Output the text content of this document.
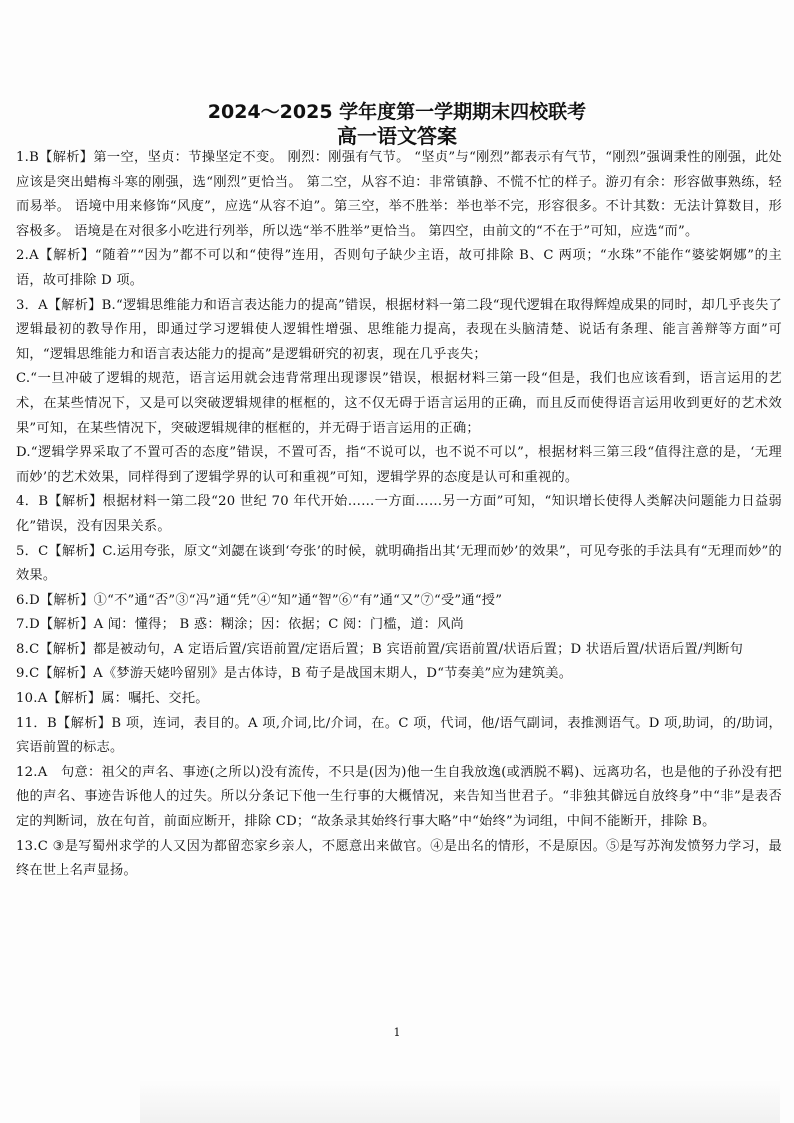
2024～2025 学年度第一学期期末四校联考
高一语文答案

1.B【解析】第一空，坚贞：节操坚定不变。 刚烈：刚强有气节。 “坚贞”与“刚烈”都表示有气节，“刚烈”强调秉性的刚强，此处应该是突出蜡梅斗寒的刚强，选“刚烈”更恰当。 第二空，从容不迫：非常镇静、不慌不忙的样子。游刃有余：形容做事熟练，轻而易举。 语境中用来修饰“风度”，应选“从容不迫”。第三空，举不胜举：举也举不完，形容很多。不计其数：无法计算数目，形容极多。 语境是在对很多小吃进行列举，所以选“举不胜举”更恰当。 第四空，由前文的“不在于”可知，应选“而”。

2.A【解析】“随着”“因为”都不可以和“使得”连用，否则句子缺少主语，故可排除 B、C 两项；“水珠”不能作“婆娑婀娜”的主语，故可排除 D 项。

3．A【解析】B.“逻辑思维能力和语言表达能力的提高”错误，根据材料一第二段“现代逻辑在取得辉煌成果的同时，却几乎丧失了逻辑最初的教导作用，即通过学习逻辑使人逻辑性增强、思维能力提高，表现在头脑清楚、说话有条理、能言善辩等方面”可知，“逻辑思维能力和语言表达能力的提高”是逻辑研究的初衷，现在几乎丧失；

C.“一旦冲破了逻辑的规范，语言运用就会违背常理出现谬误”错误，根据材料三第一段“但是，我们也应该看到，语言运用的艺术，在某些情况下，又是可以突破逻辑规律的框框的，这不仅无碍于语言运用的正确，而且反而使得语言运用收到更好的艺术效果”可知，在某些情况下，突破逻辑规律的框框的，并无碍于语言运用的正确；

D.“逻辑学界采取了不置可否的态度”错误，不置可否，指“不说可以，也不说不可以”，根据材料三第三段“值得注意的是，‘无理而妙’的艺术效果，同样得到了逻辑学界的认可和重视”可知，逻辑学界的态度是认可和重视的。

4．B【解析】根据材料一第二段“20 世纪 70 年代开始……一方面……另一方面”可知，“知识增长使得人类解决问题能力日益弱化”错误，没有因果关系。

5．C【解析】C.运用夸张，原文“刘勰在谈到‘夸张’的时候，就明确指出其‘无理而妙’的效果”，可见夸张的手法具有“无理而妙”的效果。

6.D【解析】①“不”通“否”③“冯”通“凭”④“知”通“智”⑥“有”通“又”⑦“受”通“授”

7.D【解析】A 闻：懂得； B 惑：糊涂；因：依据；C 阅：门槛，道：风尚

8.C【解析】都是被动句，A 定语后置/宾语前置/定语后置；B 宾语前置/宾语前置/状语后置；D 状语后置/状语后置/判断句

9.C【解析】A《梦游天姥吟留别》是古体诗，B 荀子是战国末期人，D“节奏美”应为建筑美。

10.A【解析】属：嘱托、交托。

11．B【解析】B 项，连词，表目的。A 项,介词,比/介词，在。C 项，代词，他/语气副词，表推测语气。D 项,助词，的/助词，宾语前置的标志。

12.A　句意：祖父的声名、事迹(之所以)没有流传，不只是(因为)他一生自我放逸(或洒脱不羁)、远离功名，也是他的子孙没有把他的声名、事迹告诉他人的过失。所以分条记下他一生行事的大概情况，来告知当世君子。“非独其僻远自放终身”中“非”是表否定的判断词，放在句首，前面应断开，排除 CD；“故条录其始终行事大略”中“始终”为词组，中间不能断开，排除 B。

13.C ③是写蜀州求学的人又因为都留恋家乡亲人，不愿意出来做官。④是出名的情形，不是原因。⑤是写苏洵发愤努力学习，最终在世上名声显扬。

1
